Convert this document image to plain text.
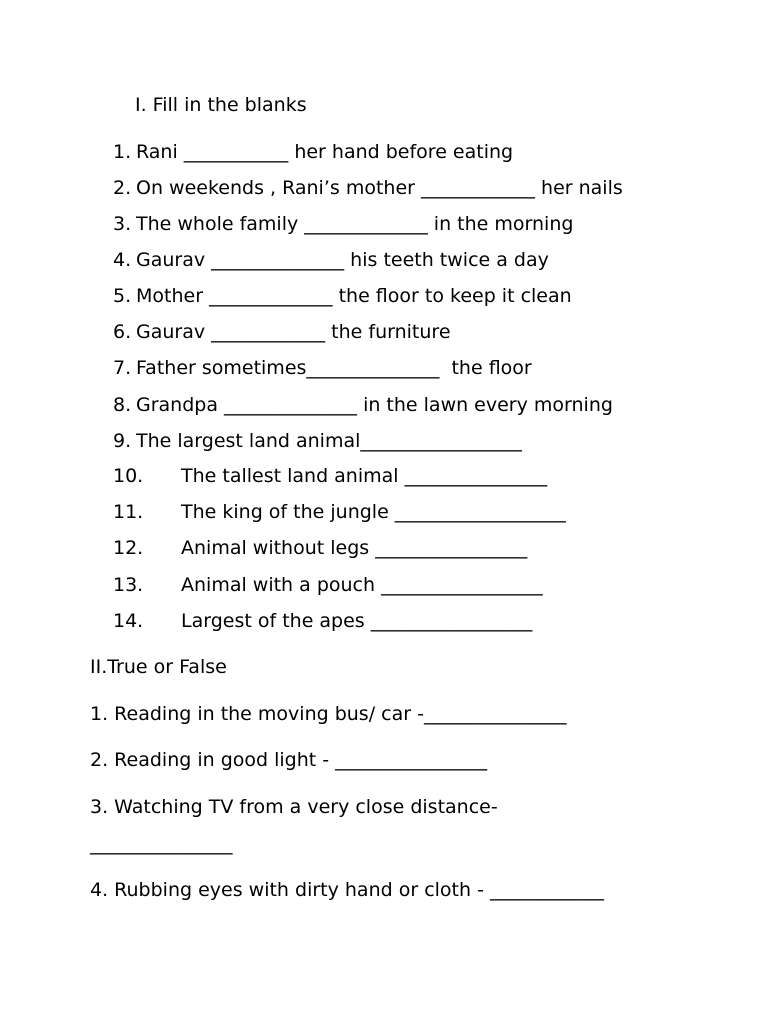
I. Fill in the blanks
1. Rani ___________ her hand before eating
2. On weekends , Rani’s mother ____________ her nails
3. The whole family _____________ in the morning
4. Gaurav ______________ his teeth twice a day
5. Mother _____________ the floor to keep it clean
6. Gaurav ____________ the furniture
7. Father sometimes______________  the floor
8. Grandpa ______________ in the lawn every morning
9. The largest land animal_________________
10. The tallest land animal _______________
11. The king of the jungle __________________
12. Animal without legs ________________
13. Animal with a pouch _________________
14. Largest of the apes _________________
II.True or False
1. Reading in the moving bus/ car -_______________
2. Reading in good light - ________________
3. Watching TV from a very close distance-
_______________
4. Rubbing eyes with dirty hand or cloth - ____________
